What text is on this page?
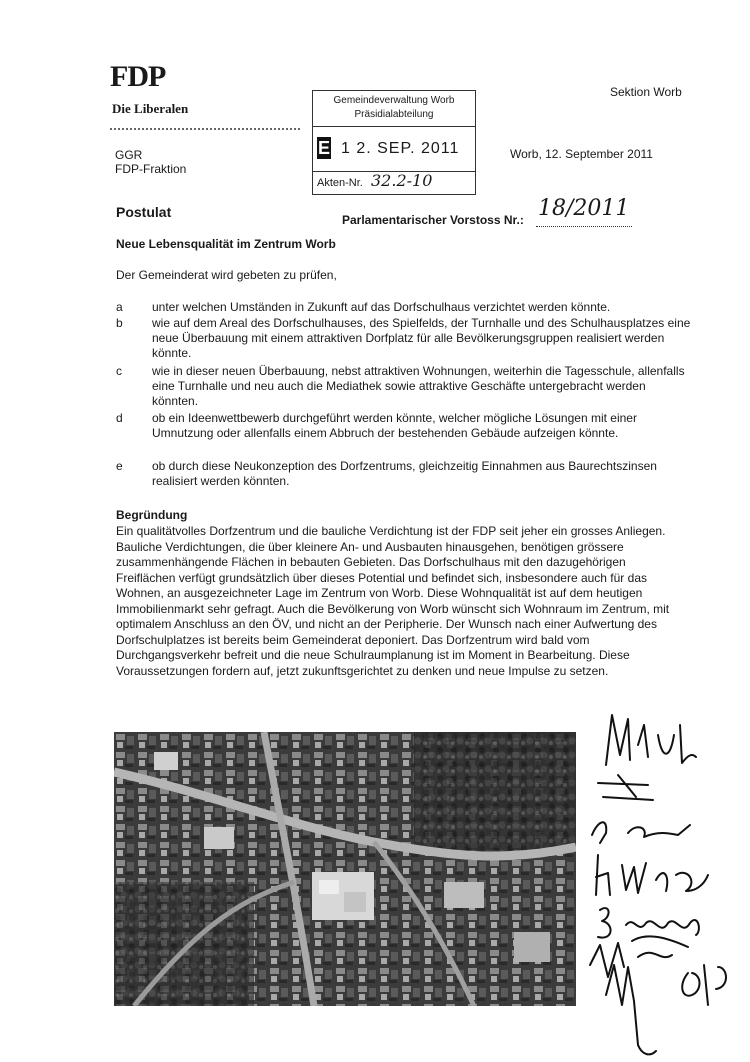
FDP
Die Liberalen
GGR
FDP-Fraktion
Gemeindeverwaltung Worb
Präsidialabteilung
E 1 2. SEP. 2011
Akten-Nr. 32.2-10
Sektion Worb
Worb, 12. September 2011
Postulat	Parlamentarischer Vorstoss Nr.: 18/2011
Neue Lebensqualität im Zentrum Worb
Der Gemeinderat wird gebeten zu prüfen,
a	unter welchen Umständen in Zukunft auf das Dorfschulhaus verzichtet werden könnte.
b	wie auf dem Areal des Dorfschulhauses, des Spielfelds, der Turnhalle und des Schulhausplatzes eine neue Überbauung mit einem attraktiven Dorfplatz für alle Bevölkerungsgruppen realisiert werden könnte.
c	wie in dieser neuen Überbauung, nebst attraktiven Wohnungen, weiterhin die Tagesschule, allenfalls eine Turnhalle und neu auch die Mediathek sowie attraktive Geschäfte untergebracht werden könnten.
d	ob ein Ideenwettbewerb durchgeführt werden könnte, welcher mögliche Lösungen mit einer Umnutzung oder allenfalls einem Abbruch der bestehenden Gebäude aufzeigen könnte.
e	ob durch diese Neukonzeption des Dorfzentrums, gleichzeitig Einnahmen aus Baurechtszinsen realisiert werden könnten.
Begründung
Ein qualitätvolles Dorfzentrum und die bauliche Verdichtung ist der FDP seit jeher ein grosses Anliegen. Bauliche Verdichtungen, die über kleinere An- und Ausbauten hinausgehen, benötigen grössere zusammenhängende Flächen in bebauten Gebieten. Das Dorfschulhaus mit den dazugehörigen Freiflächen verfügt grundsätzlich über dieses Potential und befindet sich, insbesondere auch für das Wohnen, an ausgezeichneter Lage im Zentrum von Worb. Diese Wohnqualität ist auf dem heutigen Immobilienmarkt sehr gefragt. Auch die Bevölkerung von Worb wünscht sich Wohnraum im Zentrum, mit optimalem Anschluss an den ÖV, und nicht an der Peripherie. Der Wunsch nach einer Aufwertung des Dorfschulplatzes ist bereits beim Gemeinderat deponiert. Das Dorfzentrum wird bald vom Durchgangsverkehr befreit und die neue Schulraumplanung ist im Moment in Bearbeitung. Diese Voraussetzungen fordern auf, jetzt zukunftsgerichtet zu denken und neue Impulse zu setzen.
